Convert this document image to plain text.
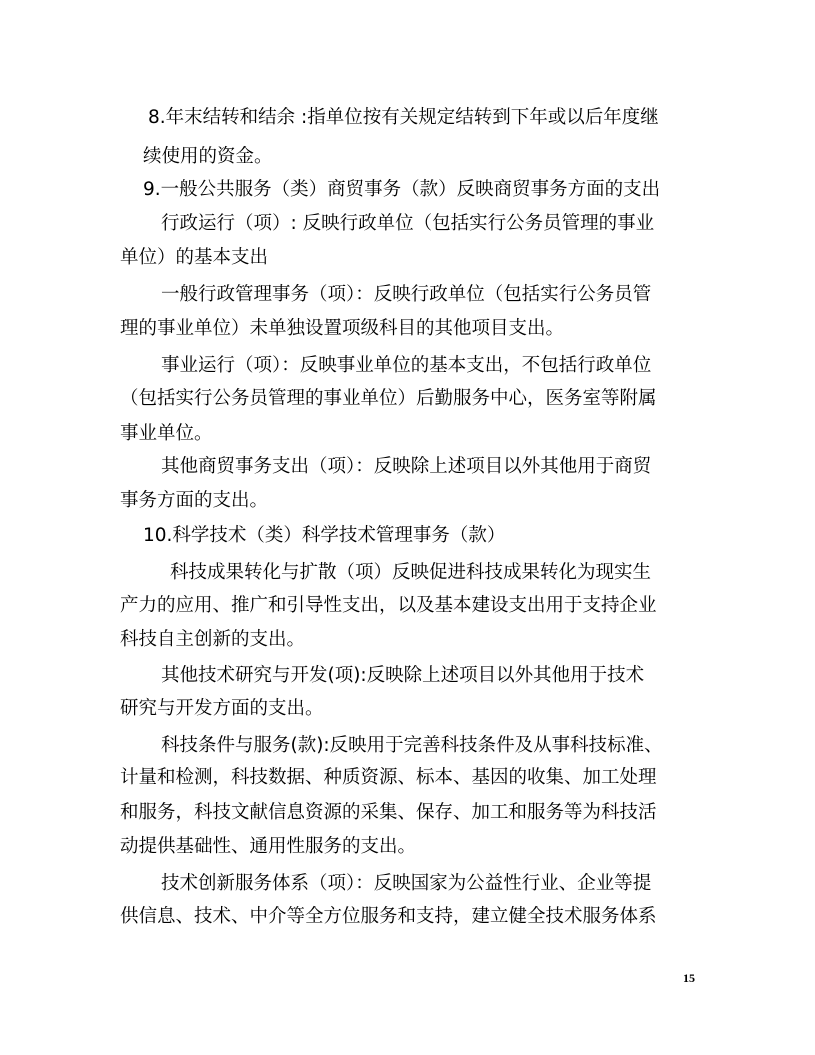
8.年末结转和结余 :指单位按有关规定结转到下年或以后年度继
续使用的资金。
9.一般公共服务（类）商贸事务（款）反映商贸事务方面的支出
行政运行（项）: 反映行政单位（包括实行公务员管理的事业
单位）的基本支出
一般行政管理事务（项）：反映行政单位（包括实行公务员管
理的事业单位）未单独设置项级科目的其他项目支出。
事业运行（项）：反映事业单位的基本支出，不包括行政单位
（包括实行公务员管理的事业单位）后勤服务中心，医务室等附属
事业单位。
其他商贸事务支出（项）：反映除上述项目以外其他用于商贸
事务方面的支出。
10.科学技术（类）科学技术管理事务（款）
科技成果转化与扩散（项）反映促进科技成果转化为现实生
产力的应用、推广和引导性支出，以及基本建设支出用于支持企业
科技自主创新的支出。
其他技术研究与开发(项):反映除上述项目以外其他用于技术
研究与开发方面的支出。
科技条件与服务(款):反映用于完善科技条件及从事科技标准、
计量和检测，科技数据、种质资源、标本、基因的收集、加工处理
和服务，科技文献信息资源的采集、保存、加工和服务等为科技活
动提供基础性、通用性服务的支出。
技术创新服务体系（项）：反映国家为公益性行业、企业等提
供信息、技术、中介等全方位服务和支持，建立健全技术服务体系
15
